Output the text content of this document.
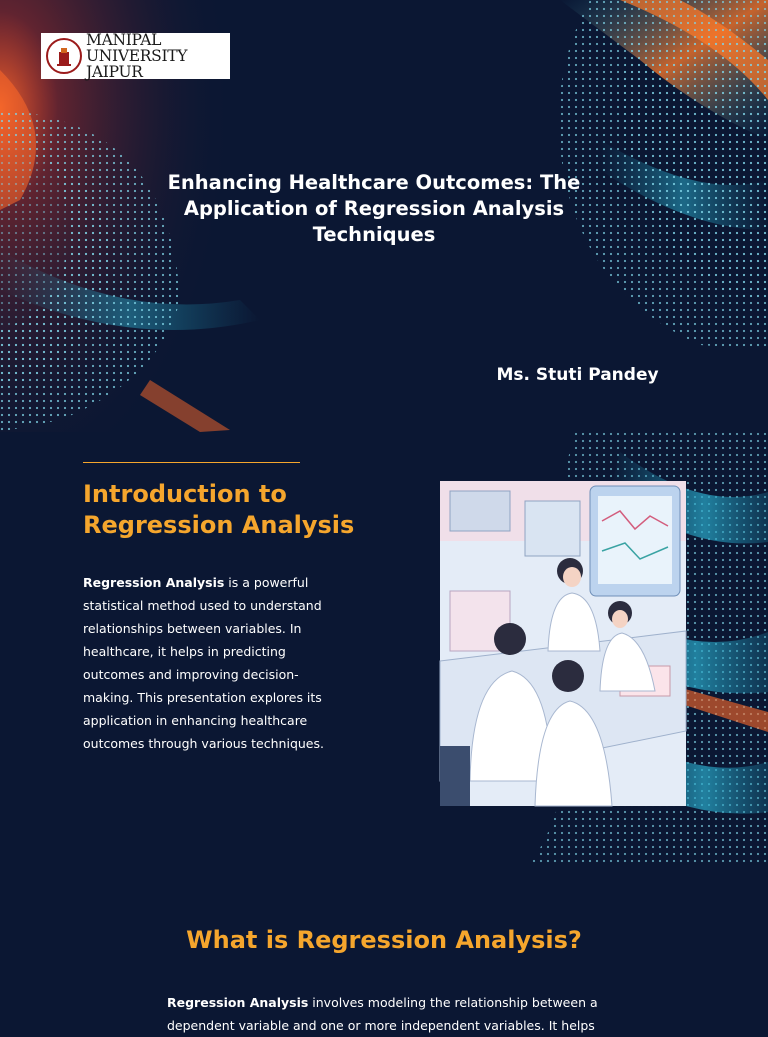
MANIPAL UNIVERSITY
JAIPUR
Enhancing Healthcare Outcomes: The Application of Regression Analysis Techniques
Ms. Stuti Pandey
Introduction to Regression Analysis
Regression Analysis is a powerful statistical method used to understand relationships between variables. In healthcare, it helps in predicting outcomes and improving decision-making. This presentation explores its application in enhancing healthcare outcomes through various techniques.
What is Regression Analysis?
Regression Analysis involves modeling the relationship between a dependent variable and one or more independent variables. It helps
